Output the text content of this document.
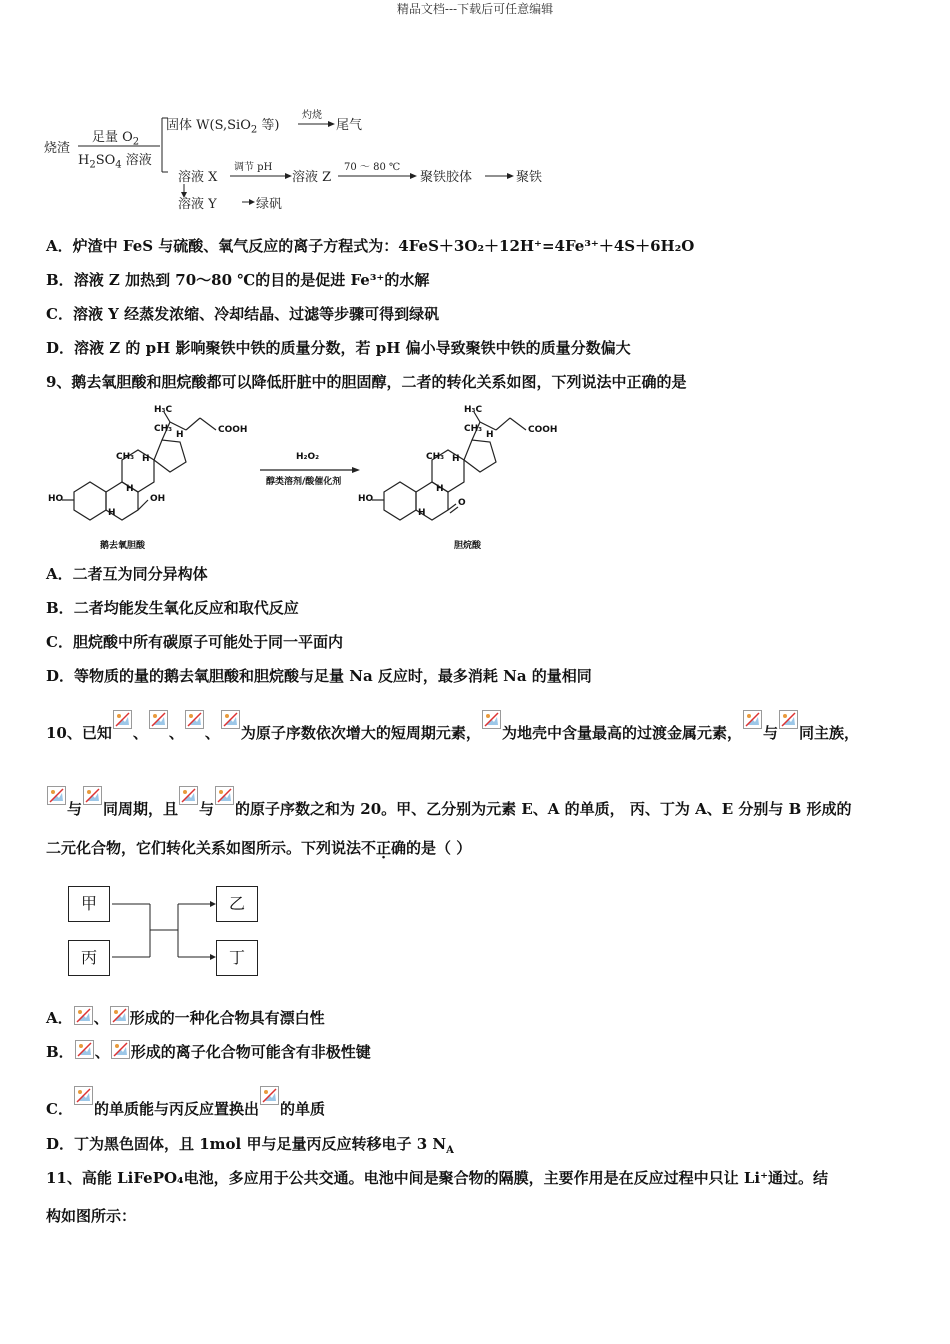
精品文档---下载后可任意编辑
烧渣
足量 $O_2$
$H_2SO_4$ 溶液
固体 W(S,SiO$_2$ 等)
灼烧
尾气
溶液 X
调节 pH
溶液 Z
70 ～ 80 ℃
聚铁胶体	聚铁
溶液 Y	绿矾
A．炉渣中 FeS 与硫酸、氧气反应的离子方程式为：4FeS＋3O₂＋12H⁺=4Fe³⁺＋4S＋6H₂O
B．溶液 Z 加热到 70～80 ℃的目的是促进 Fe³⁺的水解
C．溶液 Y 经蒸发浓缩、冷却结晶、过滤等步骤可得到绿矾
D．溶液 Z 的 pH 影响聚铁中铁的质量分数，若 pH 偏小导致聚铁中铁的质量分数偏大
9、鹅去氧胆酸和胆烷酸都可以降低肝脏中的胆固醇，二者的转化关系如图，下列说法中正确的是
H₃C
CH₃
CH₃
COOH
H
H
H
H
HO	OH
鹅去氧胆酸
H₂O₂
醇类溶剂/酸催化剂
H₃C
CH₃
CH₃
COOH
H
H
H
H
HO	O
胆烷酸
A．二者互为同分异构体
B．二者均能发生氧化反应和取代反应
C．胆烷酸中所有碳原子可能处于同一平面内
D．等物质的量的鹅去氧胆酸和胆烷酸与足量 Na 反应时，最多消耗 Na 的量相同
10、已知 、 、 、 为原子序数依次增大的短周期元素， 为地壳中含量最高的过渡金属元素， 与 同主族，
与 同周期，且 与 的原子序数之和为 20。甲、乙分别为元素 E、A 的单质， 丙、丁为 A、E 分别与 B 形成的
二元化合物，它们转化关系如图所示。下列说法不正确的是（ ）
甲
丙
乙
丁
A． 、 形成的一种化合物具有漂白性
B． 、 形成的离子化合物可能含有非极性键
C． 的单质能与丙反应置换出 的单质
D．丁为黑色固体，且 1mol 甲与足量丙反应转移电子 3 $N_A$
11、高能 LiFePO₄电池，多应用于公共交通。电池中间是聚合物的隔膜，主要作用是在反应过程中只让 Li⁺通过。结
构如图所示：
